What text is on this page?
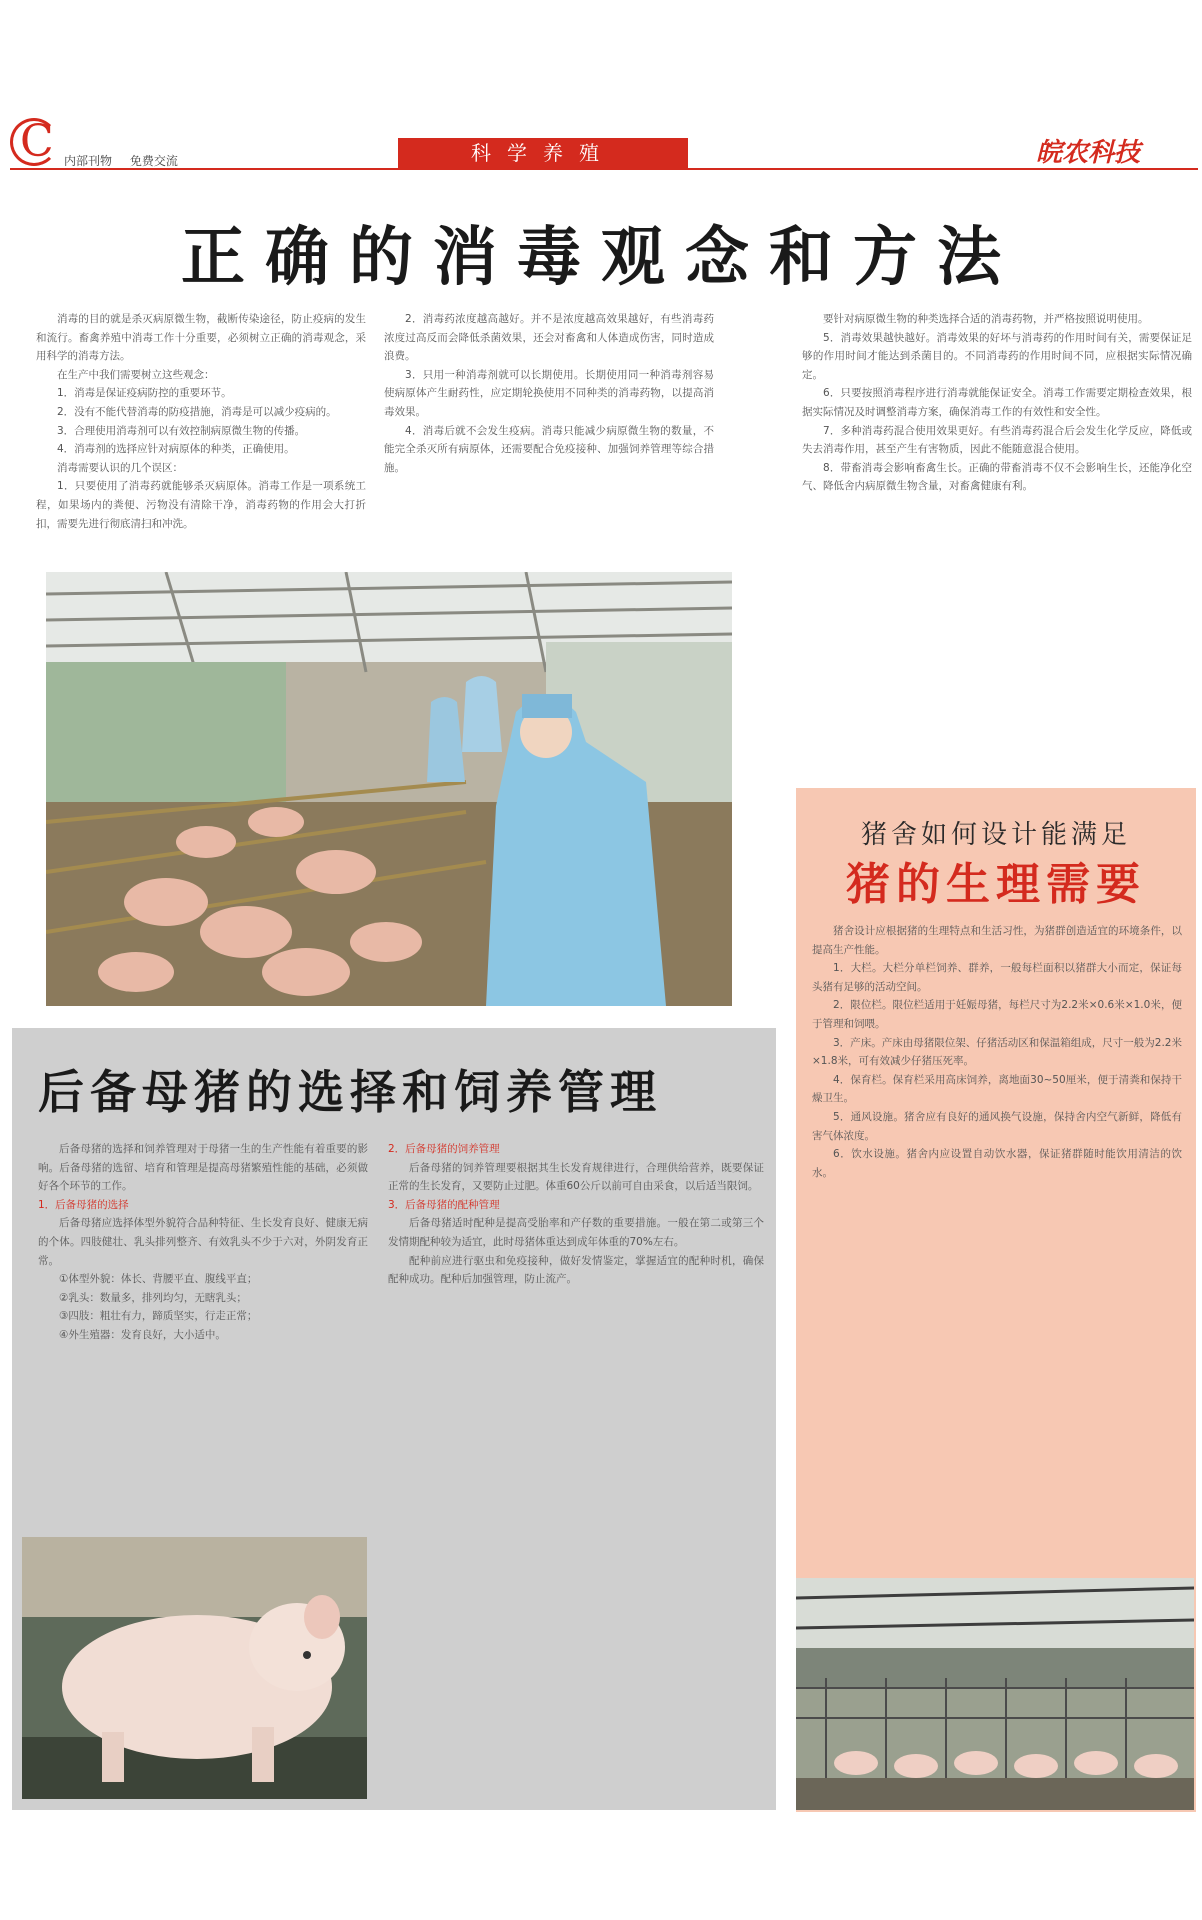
C 内部刊物 免费交流	科学养殖	皖农科技
正确的消毒观念和方法

消毒的目的就是杀灭病原微生物，截断传染途径，防止疫病的发生和流行。畜禽养殖中消毒工作十分重要，必须树立正确的消毒观念，采用科学的消毒方法。

在生产中我们需要树立这些观念：

1．消毒是保证疫病防控的重要环节。

2．没有不能代替消毒的防疫措施，消毒是可以减少疫病的。

3．合理使用消毒剂可以有效控制病原微生物的传播。

4．消毒剂的选择应针对病原体的种类，正确使用。

消毒需要认识的几个误区：

1．只要使用了消毒药就能够杀灭病原体。消毒工作是一项系统工程，如果场内的粪便、污物没有清除干净，消毒药物的作用会大打折扣，需要先进行彻底清扫和冲洗。

2．消毒药浓度越高越好。并不是浓度越高效果越好，有些消毒药浓度过高反而会降低杀菌效果，还会对畜禽和人体造成伤害，同时造成浪费。

3．只用一种消毒剂就可以长期使用。长期使用同一种消毒剂容易使病原体产生耐药性，应定期轮换使用不同种类的消毒药物，以提高消毒效果。

4．消毒后就不会发生疫病。消毒只能减少病原微生物的数量，不能完全杀灭所有病原体，还需要配合免疫接种、加强饲养管理等综合措施。

要针对病原微生物的种类选择合适的消毒药物，并严格按照说明使用。

5．消毒效果越快越好。消毒效果的好坏与消毒药的作用时间有关，需要保证足够的作用时间才能达到杀菌目的。不同消毒药的作用时间不同，应根据实际情况确定。

6．只要按照消毒程序进行消毒就能保证安全。消毒工作需要定期检查效果，根据实际情况及时调整消毒方案，确保消毒工作的有效性和安全性。

7．多种消毒药混合使用效果更好。有些消毒药混合后会发生化学反应，降低或失去消毒作用，甚至产生有害物质，因此不能随意混合使用。

8．带畜消毒会影响畜禽生长。正确的带畜消毒不仅不会影响生长，还能净化空气、降低舍内病原微生物含量，对畜禽健康有利。

后备母猪的选择和饲养管理

后备母猪的选择和饲养管理对于母猪一生的生产性能有着重要的影响。后备母猪的选留、培育和管理是提高母猪繁殖性能的基础，必须做好各个环节的工作。

1．后备母猪的选择

后备母猪应选择体型外貌符合品种特征、生长发育良好、健康无病的个体。四肢健壮、乳头排列整齐、有效乳头不少于六对，外阴发育正常。

①体型外貌：体长、背腰平直、腹线平直；

②乳头：数量多，排列均匀，无瞎乳头；

③四肢：粗壮有力，蹄质坚实，行走正常；

④外生殖器：发育良好，大小适中。

2．后备母猪的饲养管理

后备母猪的饲养管理要根据其生长发育规律进行，合理供给营养，既要保证正常的生长发育，又要防止过肥。体重60公斤以前可自由采食，以后适当限饲。

3．后备母猪的配种管理

后备母猪适时配种是提高受胎率和产仔数的重要措施。一般在第二或第三个发情期配种较为适宜，此时母猪体重达到成年体重的70%左右。

配种前应进行驱虫和免疫接种，做好发情鉴定，掌握适宜的配种时机，确保配种成功。配种后加强管理，防止流产。

猪舍如何设计能满足
猪的生理需要

猪舍设计应根据猪的生理特点和生活习性，为猪群创造适宜的环境条件，以提高生产性能。

1．大栏。大栏分单栏饲养、群养，一般每栏面积以猪群大小而定，保证每头猪有足够的活动空间。

2．限位栏。限位栏适用于妊娠母猪，每栏尺寸为2.2米×0.6米×1.0米，便于管理和饲喂。

3．产床。产床由母猪限位架、仔猪活动区和保温箱组成，尺寸一般为2.2米×1.8米，可有效减少仔猪压死率。

4．保育栏。保育栏采用高床饲养，离地面30~50厘米，便于清粪和保持干燥卫生。

5．通风设施。猪舍应有良好的通风换气设施，保持舍内空气新鲜，降低有害气体浓度。

6．饮水设施。猪舍内应设置自动饮水器，保证猪群随时能饮用清洁的饮水。
